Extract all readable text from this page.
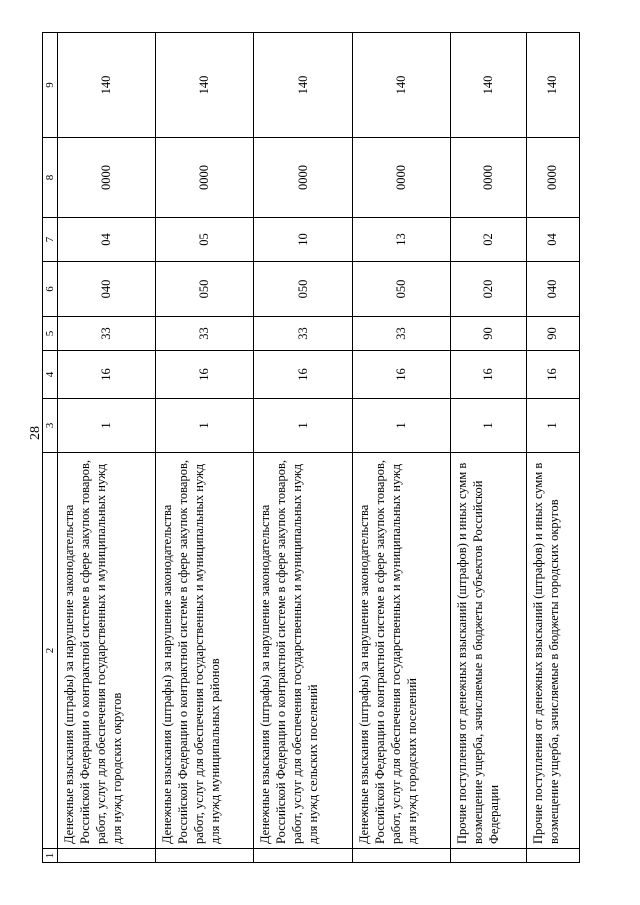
28
1	2	3	4	5	6	7	8	9
	Денежные взыскания (штрафы) за нарушение законодательства Российской Федерации о контрактной системе в сфере закупок товаров, работ, услуг для обеспечения государственных и муниципальных нужд для нужд городских округов	1	16	33	040	04	0000	140
	Денежные взыскания (штрафы) за нарушение законодательства Российской Федерации о контрактной системе в сфере закупок товаров, работ, услуг для обеспечения государственных и муниципальных нужд для нужд муниципальных районов	1	16	33	050	05	0000	140
	Денежные взыскания (штрафы) за нарушение законодательства Российской Федерации о контрактной системе в сфере закупок товаров, работ, услуг для обеспечения государственных и муниципальных нужд для нужд сельских поселений	1	16	33	050	10	0000	140
	Денежные взыскания (штрафы) за нарушение законодательства Российской Федерации о контрактной системе в сфере закупок товаров, работ, услуг для обеспечения государственных и муниципальных нужд для нужд городских поселений	1	16	33	050	13	0000	140
	Прочие поступления от денежных взысканий (штрафов) и иных сумм в возмещение ущерба, зачисляемые в бюджеты субъектов Российской Федерации	1	16	90	020	02	0000	140
	Прочие поступления от денежных взысканий (штрафов) и иных сумм в возмещение ущерба, зачисляемые в бюджеты городских округов	1	16	90	040	04	0000	140
